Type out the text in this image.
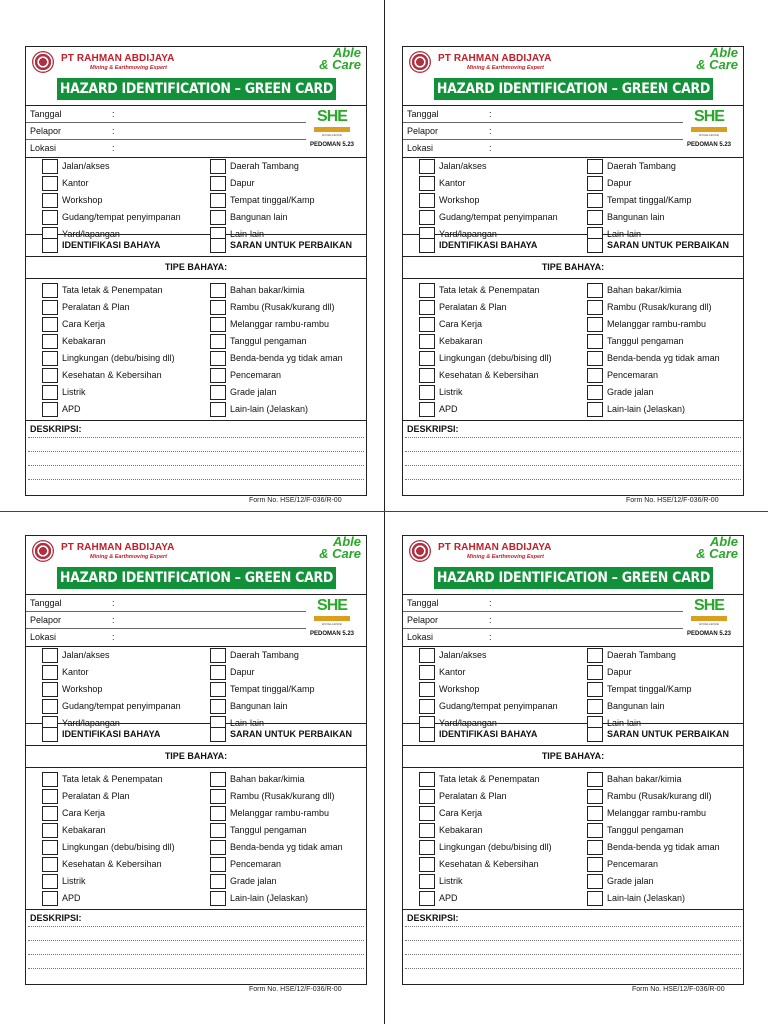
PT RAHMAN ABDIJAYA
Mining & Earthmoving Expert
Able
& Care
HAZARD IDENTIFICATION – GREEN CARD
Tanggal	:
Pelapor	:
Lokasi	:
SHE
EXCELLENCE
PEDOMAN 5.23
Jalan/akses
Kantor
Workshop
Gudang/tempat penyimpanan
Yard/lapangan
Daerah Tambang
Dapur
Tempat tinggal/Kamp
Bangunan lain
Lain-lain
IDENTIFIKASI BAHAYA	SARAN UNTUK PERBAIKAN
TIPE BAHAYA:
Tata letak & Penempatan
Peralatan & Plan
Cara Kerja
Kebakaran
Lingkungan (debu/bising dll)
Kesehatan & Kebersihan
Listrik
APD
Bahan bakar/kimia
Rambu (Rusak/kurang dll)
Melanggar rambu-rambu
Tanggul pengaman
Benda-benda yg tidak aman
Pencemaran
Grade jalan
Lain-lain (Jelaskan)
DESKRIPSI:
Form No. HSE/12/F-036/R-00
PT RAHMAN ABDIJAYA
Mining & Earthmoving Expert
Able
& Care
HAZARD IDENTIFICATION – GREEN CARD
Tanggal	:
Pelapor	:
Lokasi	:
SHE
EXCELLENCE
PEDOMAN 5.23
Jalan/akses
Kantor
Workshop
Gudang/tempat penyimpanan
Yard/lapangan
Daerah Tambang
Dapur
Tempat tinggal/Kamp
Bangunan lain
Lain-lain
IDENTIFIKASI BAHAYA	SARAN UNTUK PERBAIKAN
TIPE BAHAYA:
Tata letak & Penempatan
Peralatan & Plan
Cara Kerja
Kebakaran
Lingkungan (debu/bising dll)
Kesehatan & Kebersihan
Listrik
APD
Bahan bakar/kimia
Rambu (Rusak/kurang dll)
Melanggar rambu-rambu
Tanggul pengaman
Benda-benda yg tidak aman
Pencemaran
Grade jalan
Lain-lain (Jelaskan)
DESKRIPSI:
Form No. HSE/12/F-036/R-00
PT RAHMAN ABDIJAYA
Mining & Earthmoving Expert
Able
& Care
HAZARD IDENTIFICATION – GREEN CARD
Tanggal	:
Pelapor	:
Lokasi	:
SHE
EXCELLENCE
PEDOMAN 5.23
Jalan/akses
Kantor
Workshop
Gudang/tempat penyimpanan
Yard/lapangan
Daerah Tambang
Dapur
Tempat tinggal/Kamp
Bangunan lain
Lain-lain
IDENTIFIKASI BAHAYA	SARAN UNTUK PERBAIKAN
TIPE BAHAYA:
Tata letak & Penempatan
Peralatan & Plan
Cara Kerja
Kebakaran
Lingkungan (debu/bising dll)
Kesehatan & Kebersihan
Listrik
APD
Bahan bakar/kimia
Rambu (Rusak/kurang dll)
Melanggar rambu-rambu
Tanggul pengaman
Benda-benda yg tidak aman
Pencemaran
Grade jalan
Lain-lain (Jelaskan)
DESKRIPSI:
Form No. HSE/12/F-036/R-00
PT RAHMAN ABDIJAYA
Mining & Earthmoving Expert
Able
& Care
HAZARD IDENTIFICATION – GREEN CARD
Tanggal	:
Pelapor	:
Lokasi	:
SHE
EXCELLENCE
PEDOMAN 5.23
Jalan/akses
Kantor
Workshop
Gudang/tempat penyimpanan
Yard/lapangan
Daerah Tambang
Dapur
Tempat tinggal/Kamp
Bangunan lain
Lain-lain
IDENTIFIKASI BAHAYA	SARAN UNTUK PERBAIKAN
TIPE BAHAYA:
Tata letak & Penempatan
Peralatan & Plan
Cara Kerja
Kebakaran
Lingkungan (debu/bising dll)
Kesehatan & Kebersihan
Listrik
APD
Bahan bakar/kimia
Rambu (Rusak/kurang dll)
Melanggar rambu-rambu
Tanggul pengaman
Benda-benda yg tidak aman
Pencemaran
Grade jalan
Lain-lain (Jelaskan)
DESKRIPSI:
Form No. HSE/12/F-036/R-00
